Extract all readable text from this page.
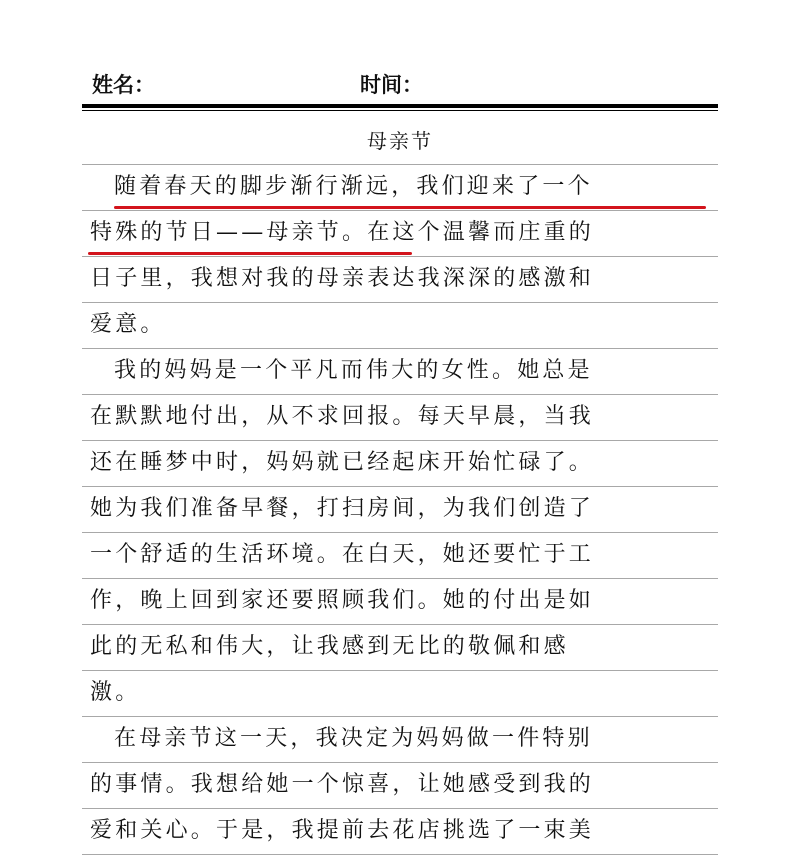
姓名：	时间：
母亲节
随着春天的脚步渐行渐远，我们迎来了一个
特殊的节日——母亲节。在这个温馨而庄重的
日子里，我想对我的母亲表达我深深的感激和
爱意。
我的妈妈是一个平凡而伟大的女性。她总是
在默默地付出，从不求回报。每天早晨，当我
还在睡梦中时，妈妈就已经起床开始忙碌了。
她为我们准备早餐，打扫房间，为我们创造了
一个舒适的生活环境。在白天，她还要忙于工
作，晚上回到家还要照顾我们。她的付出是如
此的无私和伟大，让我感到无比的敬佩和感
激。
在母亲节这一天，我决定为妈妈做一件特别
的事情。我想给她一个惊喜，让她感受到我的
爱和关心。于是，我提前去花店挑选了一束美
